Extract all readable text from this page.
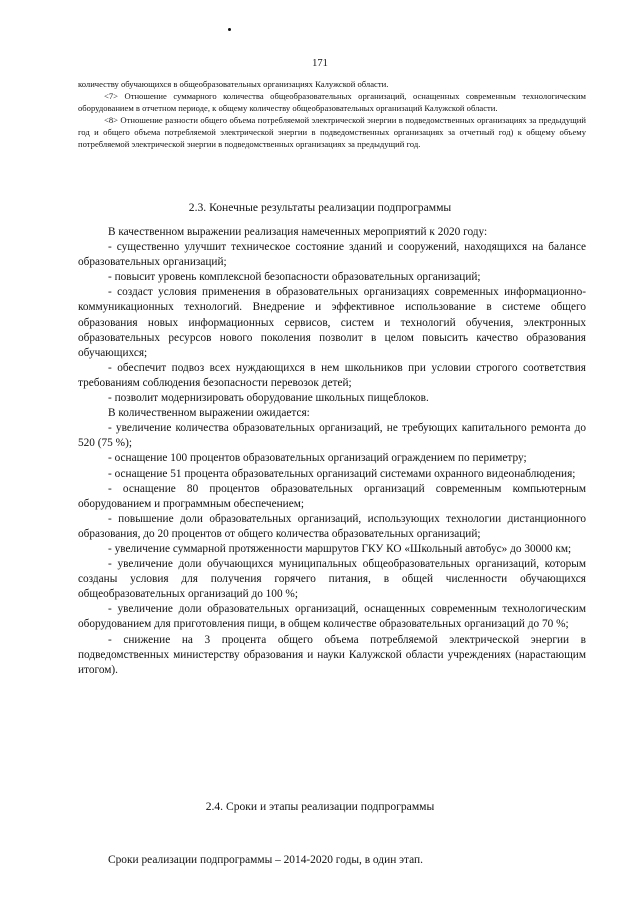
171

количеству обучающихся в общеобразовательных организациях Калужской области.

<7> Отношение суммарного количества общеобразовательных организаций, оснащенных современным технологическим оборудованием в отчетном периоде, к общему количеству общеобразовательных организаций Калужской области.

<8> Отношение разности общего объема потребляемой электрической энергии в подведомственных организациях за предыдущий год и общего объема потребляемой электрической энергии в подведомственных организациях за отчетный год) к общему объему потребляемой электрической энергии в подведомственных организациях за предыдущий год.

2.3. Конечные результаты реализации подпрограммы

В качественном выражении реализация намеченных мероприятий к 2020 году:

- существенно улучшит техническое состояние зданий и сооружений, находящихся на балансе образовательных организаций;

- повысит уровень комплексной безопасности образовательных организаций;

- создаст условия применения в образовательных организациях современных информационно-коммуникационных технологий. Внедрение и эффективное использование в системе общего образования новых информационных сервисов, систем и технологий обучения, электронных образовательных ресурсов нового поколения позволит в целом повысить качество образования обучающихся;

- обеспечит подвоз всех нуждающихся в нем школьников при условии строгого соответствия требованиям соблюдения безопасности перевозок детей;

- позволит модернизировать оборудование школьных пищеблоков.

В количественном выражении ожидается:

- увеличение количества образовательных организаций, не требующих капитального ремонта до 520 (75 %);

- оснащение 100 процентов образовательных организаций ограждением по периметру;

- оснащение 51 процента образовательных организаций системами охранного видеонаблюдения;

- оснащение 80 процентов образовательных организаций современным компьютерным оборудованием и программным обеспечением;

- повышение доли образовательных организаций, использующих технологии дистанционного образования, до 20 процентов от общего количества образовательных организаций;

- увеличение суммарной протяженности маршрутов ГКУ КО «Школьный автобус» до 30000 км;

- увеличение доли обучающихся муниципальных общеобразовательных организаций, которым созданы условия для получения горячего питания, в общей численности обучающихся общеобразовательных организаций до 100 %;

- увеличение доли образовательных организаций, оснащенных современным технологическим оборудованием для приготовления пищи, в общем количестве образовательных организаций до 70 %;

- снижение на 3 процента общего объема потребляемой электрической энергии в подведомственных министерству образования и науки Калужской области учреждениях (нарастающим итогом).

2.4. Сроки и этапы реализации подпрограммы
Сроки реализации подпрограммы – 2014-2020 годы, в один этап.
